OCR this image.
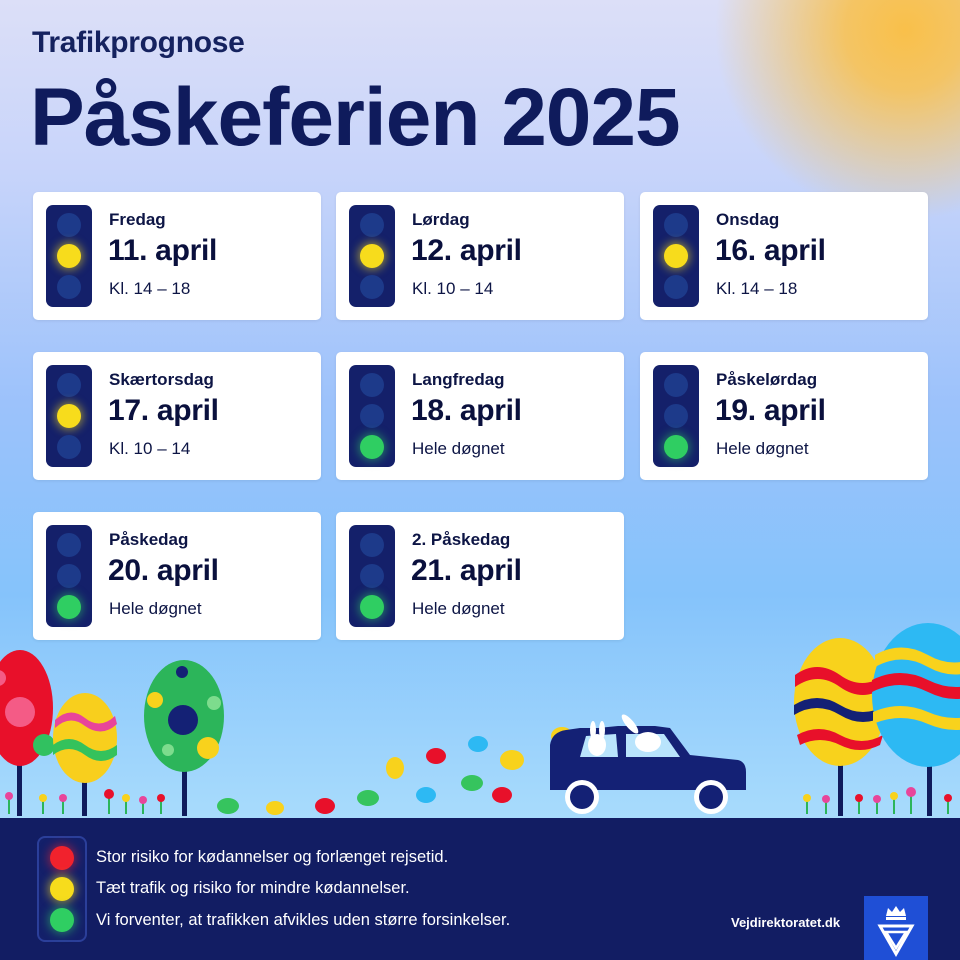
Trafikprognose
Påskeferien 2025
Fredag
11. april
Kl. 14 – 18
Lørdag
12. april
Kl. 10 – 14
Onsdag
16. april
Kl. 14 – 18
Skærtorsdag
17. april
Kl. 10 – 14
Langfredag
18. april
Hele døgnet
Påskelørdag
19. april
Hele døgnet
Påskedag
20. april
Hele døgnet
2. Påskedag
21. april
Hele døgnet
Stor risiko for kødannelser og forlænget rejsetid.
Tæt trafik og risiko for mindre kødannelser.
Vi forventer, at trafikken afvikles uden større forsinkelser.	Vejdirektoratet.dk
